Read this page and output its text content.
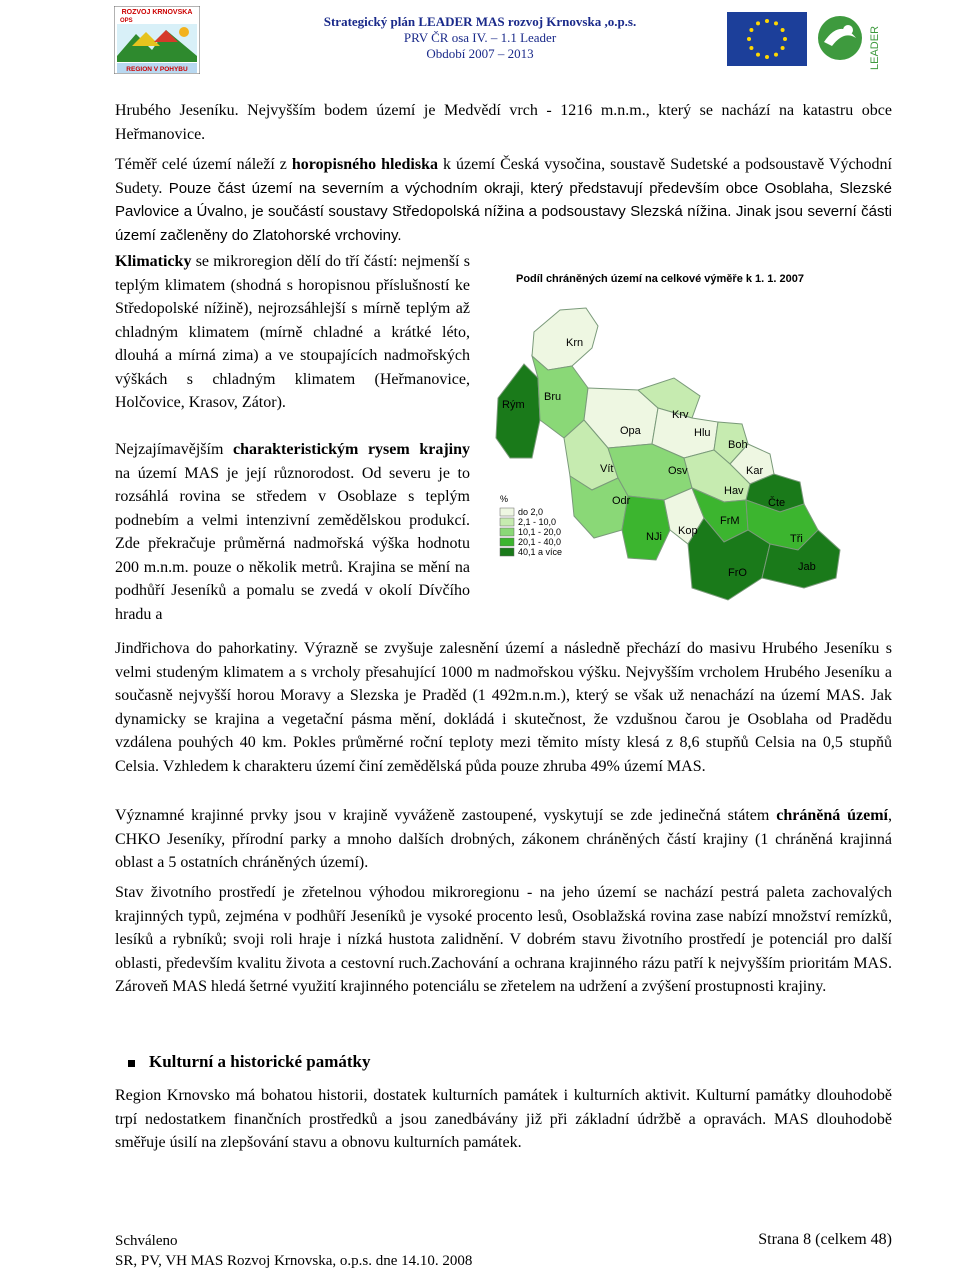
ROZVOJ KRNOVSKA
OPS
REGION V POHYBU
Strategický plán LEADER MAS rozvoj Krnovska ,o.p.s.
PRV ČR osa IV. – 1.1 Leader
Období 2007 – 2013	LEADER

Hrubého Jeseníku. Nejvyšším bodem území je Medvědí vrch - 1216 m.n.m., který se nachází na katastru obce Heřmanovice.

Téměř celé území náleží z horopisného hlediska k území Česká vysočina, soustavě Sudetské a podsoustavě Východní Sudety. Pouze část území na severním a východním okraji, který představují především obce Osoblaha, Slezské Pavlovice a Úvalno, je součástí soustavy Středopolská nížina a podsoustavy Slezská nížina. Jinak jsou severní části území začleněny do Zlatohorské vrchoviny.

Klimaticky se mikroregion dělí do tří částí: nejmenší s teplým klimatem (shodná s horopisnou příslušností ke Středopolské nížině), nejrozsáhlejší s mírně teplým až chladným klimatem (mírně chladné a krátké léto, dlouhá a mírná zima) a ve stoupajících nadmořských výškách s chladným klimatem (Heřmanovice, Holčovice, Krasov, Zátor).

Nejzajímavějším charakteristickým rysem krajiny na území MAS je její různorodost. Od severu je to rozsáhlá rovina se středem v Osoblaze s teplým podnebím a velmi intenzivní zemědělskou produkcí. Zde překračuje průměrná nadmořská výška hodnotu 200 m.n.m. pouze o několik metrů. Krajina se mění na podhůří Jeseníků a pomalu se zvedá v okolí Dívčího hradu a

Jindřichova do pahorkatiny. Výrazně se zvyšuje zalesnění území a následně přechází do masivu Hrubého Jeseníku s velmi studeným klimatem a s vrcholy přesahující 1000 m nadmořskou výšku. Nejvyšším vrcholem Hrubého Jeseníku a současně nejvyšší horou Moravy a Slezska je Praděd (1 492m.n.m.), který se však už nenachází na území MAS. Jak dynamicky se krajina a vegetační pásma mění, dokládá i skutečnost, že vzdušnou čarou je Osoblaha od Pradědu vzdálena pouhých 40 km. Pokles průměrné roční teploty mezi těmito místy klesá z 8,6 stupňů Celsia na 0,5 stupňů Celsia. Vzhledem k charakteru území činí zemědělská půda pouze zhruba 49% území MAS.

Významné krajinné prvky jsou v krajině vyváženě zastoupené, vyskytují se zde jedinečná státem chráněná území, CHKO Jeseníky, přírodní parky a mnoho dalších drobných, zákonem chráněných částí krajiny (1 chráněná krajinná oblast a 5 ostatních chráněných území).

Stav životního prostředí je zřetelnou výhodou mikroregionu - na jeho území se nachází pestrá paleta zachovalých krajinných typů, zejména v podhůří Jeseníků je vysoké procento lesů, Osoblažská rovina zase nabízí množství remízků, lesíků a rybníků; svoji roli hraje i nízká hustota zalidnění. V dobrém stavu životního prostředí je potenciál pro další oblasti, především kvalitu života a cestovní ruch.Zachování a ochrana krajinného rázu patří k nejvyšším prioritám MAS. Zároveň MAS hledá šetrné využití krajinného potenciálu se zřetelem na udržení a zvýšení prostupnosti krajiny.

Kulturní a historické památky

Region Krnovsko má bohatou historii, dostatek kulturních památek i kulturních aktivit. Kulturní památky dlouhodobě trpí nedostatkem finančních prostředků a jsou zanedbávány již při základní údržbě a opravách. MAS dlouhodobě směřuje úsilí na zlepšování stavu a obnovu kulturních památek.

Schváleno
SR, PV, VH MAS Rozvoj Krnovska, o.p.s. dne 14.10. 2008
Strana 8 (celkem 48)
Podíl chráněných území na celkové výměře k 1. 1. 2007
Krn
Rým
Bru
Opa
Krv
Hlu
Boh
Vít	Osv	Kar
Hav
Čte
Odr
Kop
FrM
NJi	Tři
FrO	Jab
%
do 2,0
2,1 - 10,0
10,1 - 20,0
20,1 - 40,0
40,1 a více
